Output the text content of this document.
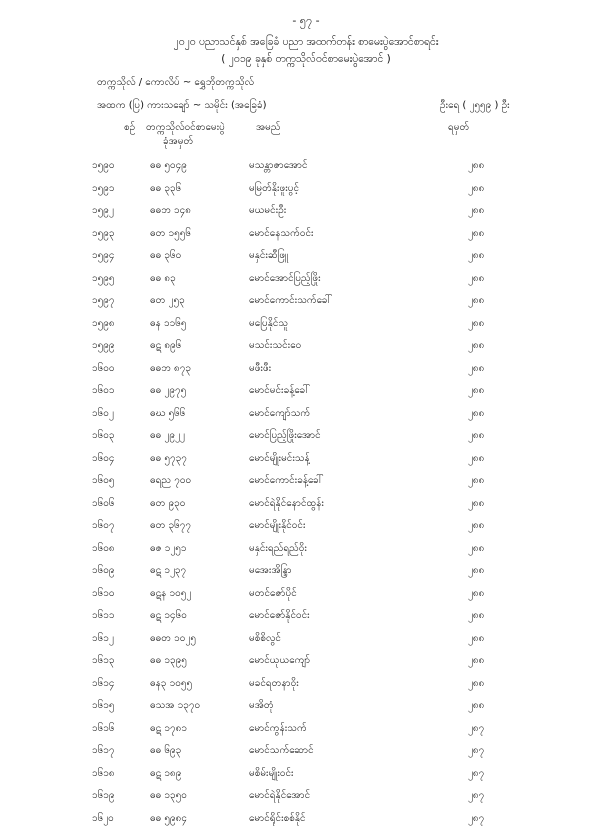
- ၅၇ -
၂၀၂၀ ပညာသင်နှစ် အခြေခံ ပညာ အထက်တန်း စာမေးပွဲအောင်စာရင်း
( ၂၀၁၉ ခုနှစ် တက္ကသိုလ်ဝင်စာမေးပွဲအောင် )
တက္ကသိုလ် / ကောလိပ် ~ ရွှေဘိုတက္ကသိုလ်
အထက (ပြ) ကားသချော် ~ သမိုင်း (အ‌ခြေခံ)	ဦးရေ ( ၂၅၅၉ ) ဦး
စဉ် တက္ကသိုလ်ဝင်စာမေးပွဲ
ခုံအမှတ်
အမည်	ရမှတ်
၁၅၉၀	ဓဓ ၅၀၄၉	မသန္တာဇာအောင်	၂၈၈
၁၅၉၁	ဓဓ ၃၃၆	မမြတ်နိုးဖူးပွင့်	၂၈၈
၁၅၉၂	ဓဓဘ ၁၄၈	မယမင်းဦး	၂၈၈
၁၅၉၃	ဓတ ၁၅၅၆	မောင်နေသက်ဝင်း	၂၈၈
၁၅၉၄	ဓဓ ၃၆၀	မနှင်းဆီဖြူ	၂၈၈
၁၅၉၅	ဓဓ ၈၃	မောင်အောင်ပြည့်ဖြိုး	၂၈၈
၁၅၉၇	ဓတ ၂၅၃	မောင်ကောင်းသက်ခေါ်	၂၈၈
၁၅၉၈	ဓန ၁၁၆၅	မပြေနိုင်သူ	၂၈၈
၁၅၉၉	ဓဋ ၈၉၆	မသင်းသင်းဝေ	၂၈၈
၁၆၀၀	ဓဓဘ ၈၇၃	မဖီးဖီး	၂၈၈
၁၆၀၁	ဓဓ ၂၉၇၅	မောင်မင်းခန့်ခေါ်	၂၈၈
၁၆၀၂	ဓဃ ၅၆၆	မောင်ကျော်သက်	၂၈၈
၁၆၀၃	ဓဓ ၂၉၂၂	မောင်ပြည့်ဖြိုးအောင်	၂၈၈
၁၆၀၄	ဓဓ ၅၇၃၇	မောင်မျိုးမင်းသန့်	၂၈၈
၁၆၀၅	ဓရည ၇၀၀	မောင်ကောင်းခန့်ခေါ်	၂၈၈
၁၆၀၆	ဓတ ၉၃၀	မောင်ရဲနိုင်နောင်ထွန်း	၂၈၈
၁၆၀၇	ဓတ ၃၆၇၇	မောင်မျိုးနိုင်ဝင်း	၂၈၈
၁၆၀၈	ဓဇ ၁၂၅၁	မနှင်းရည်ရည်ဝိုး	၂၈၈
၁၆၀၉	ဓဋ ၁၂၃၇	မအေးအိန္ဒြာ	၂၈၈
၁၆၁၀	ဓဋန ၁၀၅၂	မတင်ဇော်ပိုင်	၂၈၈
၁၆၁၁	ဓဋ ၁၄၆၀	မောင်ဇော်နိုင်ဝင်း	၂၈၈
၁၆၁၂	ဓဓတ ၁၀၂၅	မစိစိလွင်	၂၈၈
၁၆၁၃	ဓဓ ၁၃၉၅	မောင်ယုယကျော်	၂၈၈
၁၆၁၄	ဓန၃ ၁၀၅၅	မခင်ရတနာဝိုး	၂၈၈
၁၆၁၅	ဓသအ ၁၃၇၀	မအိတုံ	၂၈၈
၁၆၁၆	ဓဋ ၁၇၈၁	မောင်ကွန်းသက်	၂၈၇
၁၆၁၇	ဓဓ ၆၉၃	မောင်သက်ဆောင်	၂၈၇
၁၆၁၈	ဓဋ ၁၈၉	မစိမ်းမျိုးဝင်း	၂၈၇
၁၆၁၉	ဓဓ ၁၃၅၀	မောင်ရဲနိုင်အောင်	၂၈၇
၁၆၂၀	ဓဓ ၅၉၈၄	မောင်ရိုင်းစစ်နိုင်	၂၈၇
